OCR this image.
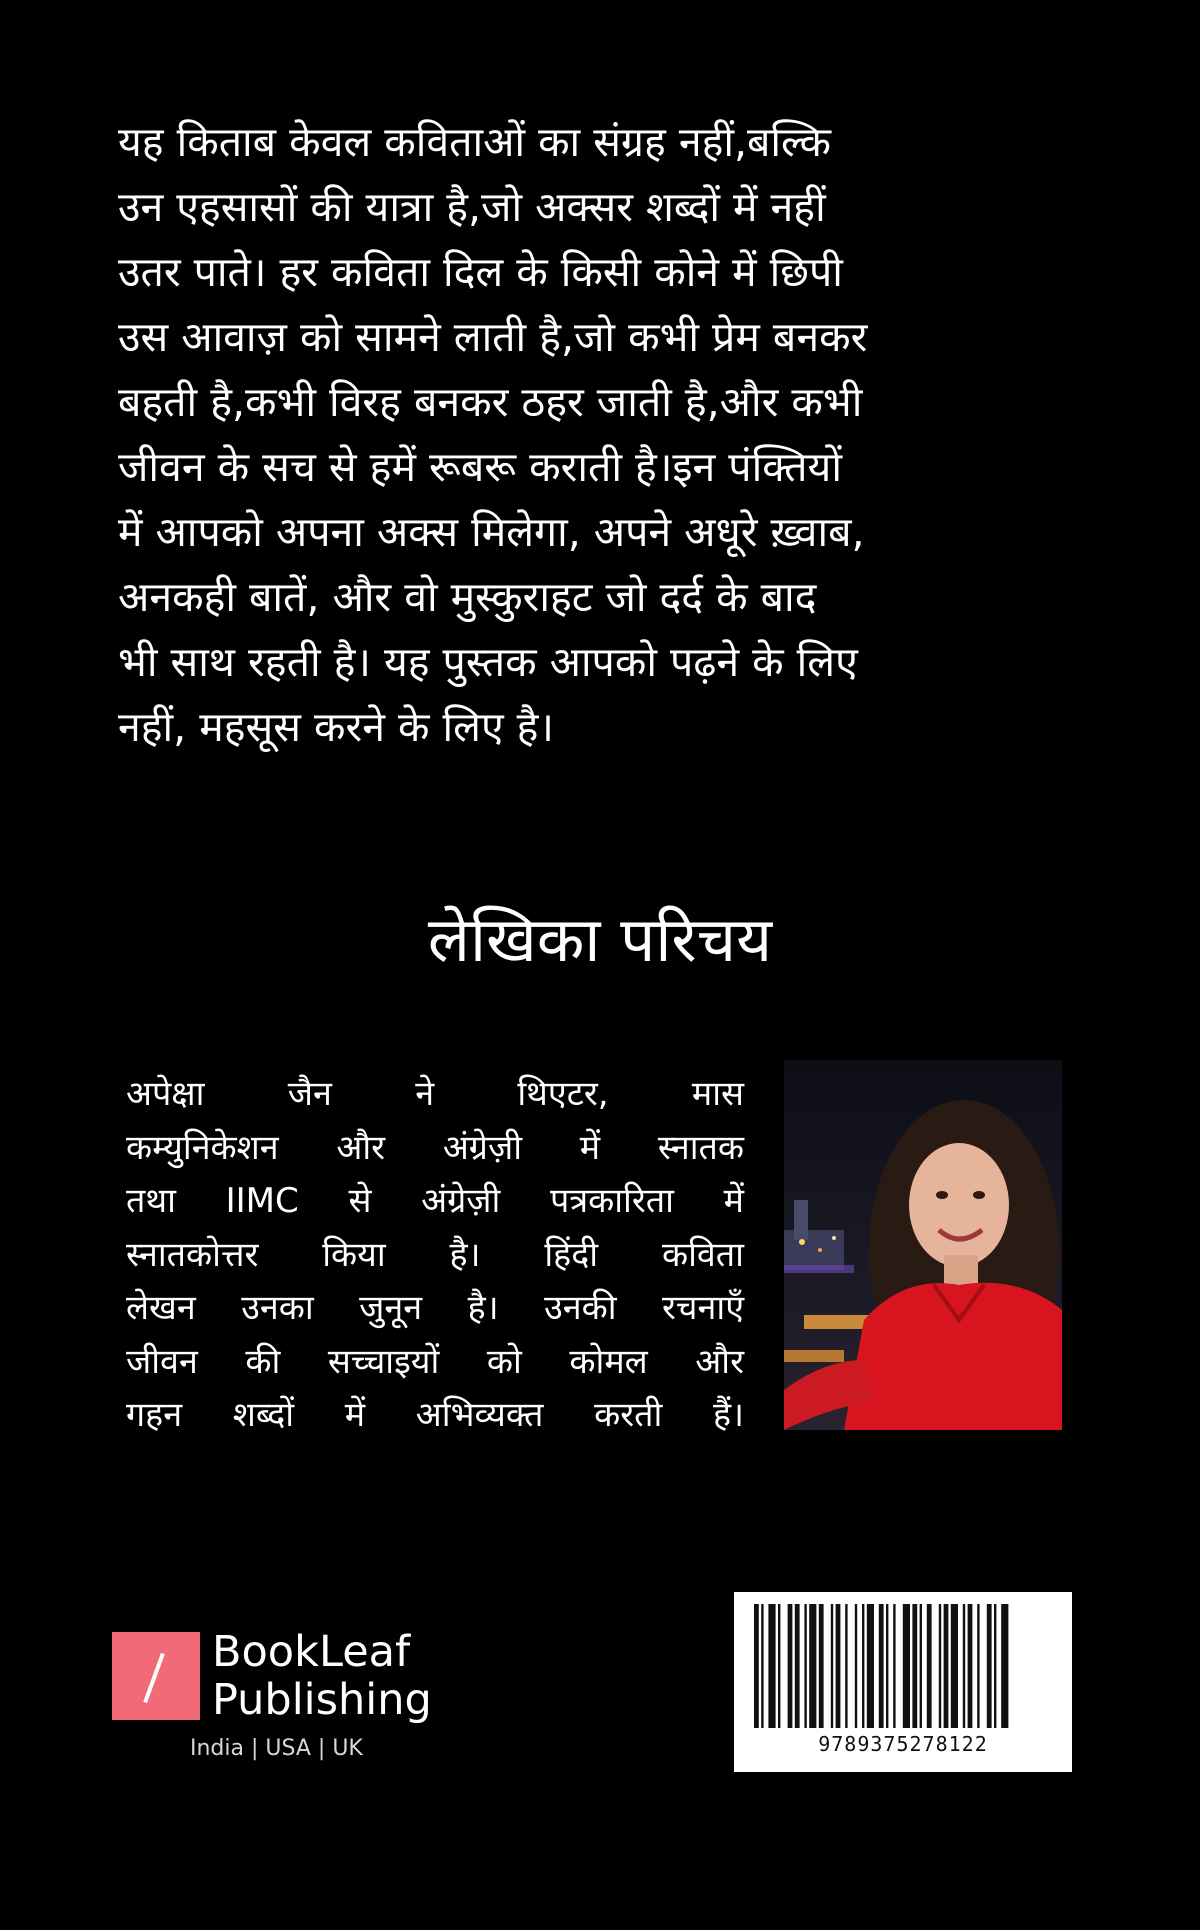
यह किताब केवल कविताओं का संग्रह नहीं,बल्कि
उन एहसासों की यात्रा है,जो अक्सर शब्दों में नहीं
उतर पाते। हर कविता दिल के किसी कोने में छिपी
उस आवाज़ को सामने लाती है,जो कभी प्रेम बनकर
बहती है,कभी विरह बनकर ठहर जाती है,और कभी
जीवन के सच से हमें रूबरू कराती है।इन पंक्तियों
में आपको अपना अक्स मिलेगा, अपने अधूरे ख़्वाब,
अनकही बातें, और वो मुस्कुराहट जो दर्द के बाद
भी साथ रहती है। यह पुस्तक आपको पढ़ने के लिए
नहीं, महसूस करने के लिए है।
लेखिका परिचय
अपेक्षा जैन ने थिएटर, मास
कम्युनिकेशन और अंग्रेज़ी में स्नातक
तथा IIMC से अंग्रेज़ी पत्रकारिता में
स्नातकोत्तर किया है। हिंदी कविता
लेखन उनका जुनून है। उनकी रचनाएँ
जीवन की सच्चाइयों को कोमल और
गहन शब्दों में अभिव्यक्त करती हैं।
BookLeaf
Publishing
India | USA | UK	9789375278122
